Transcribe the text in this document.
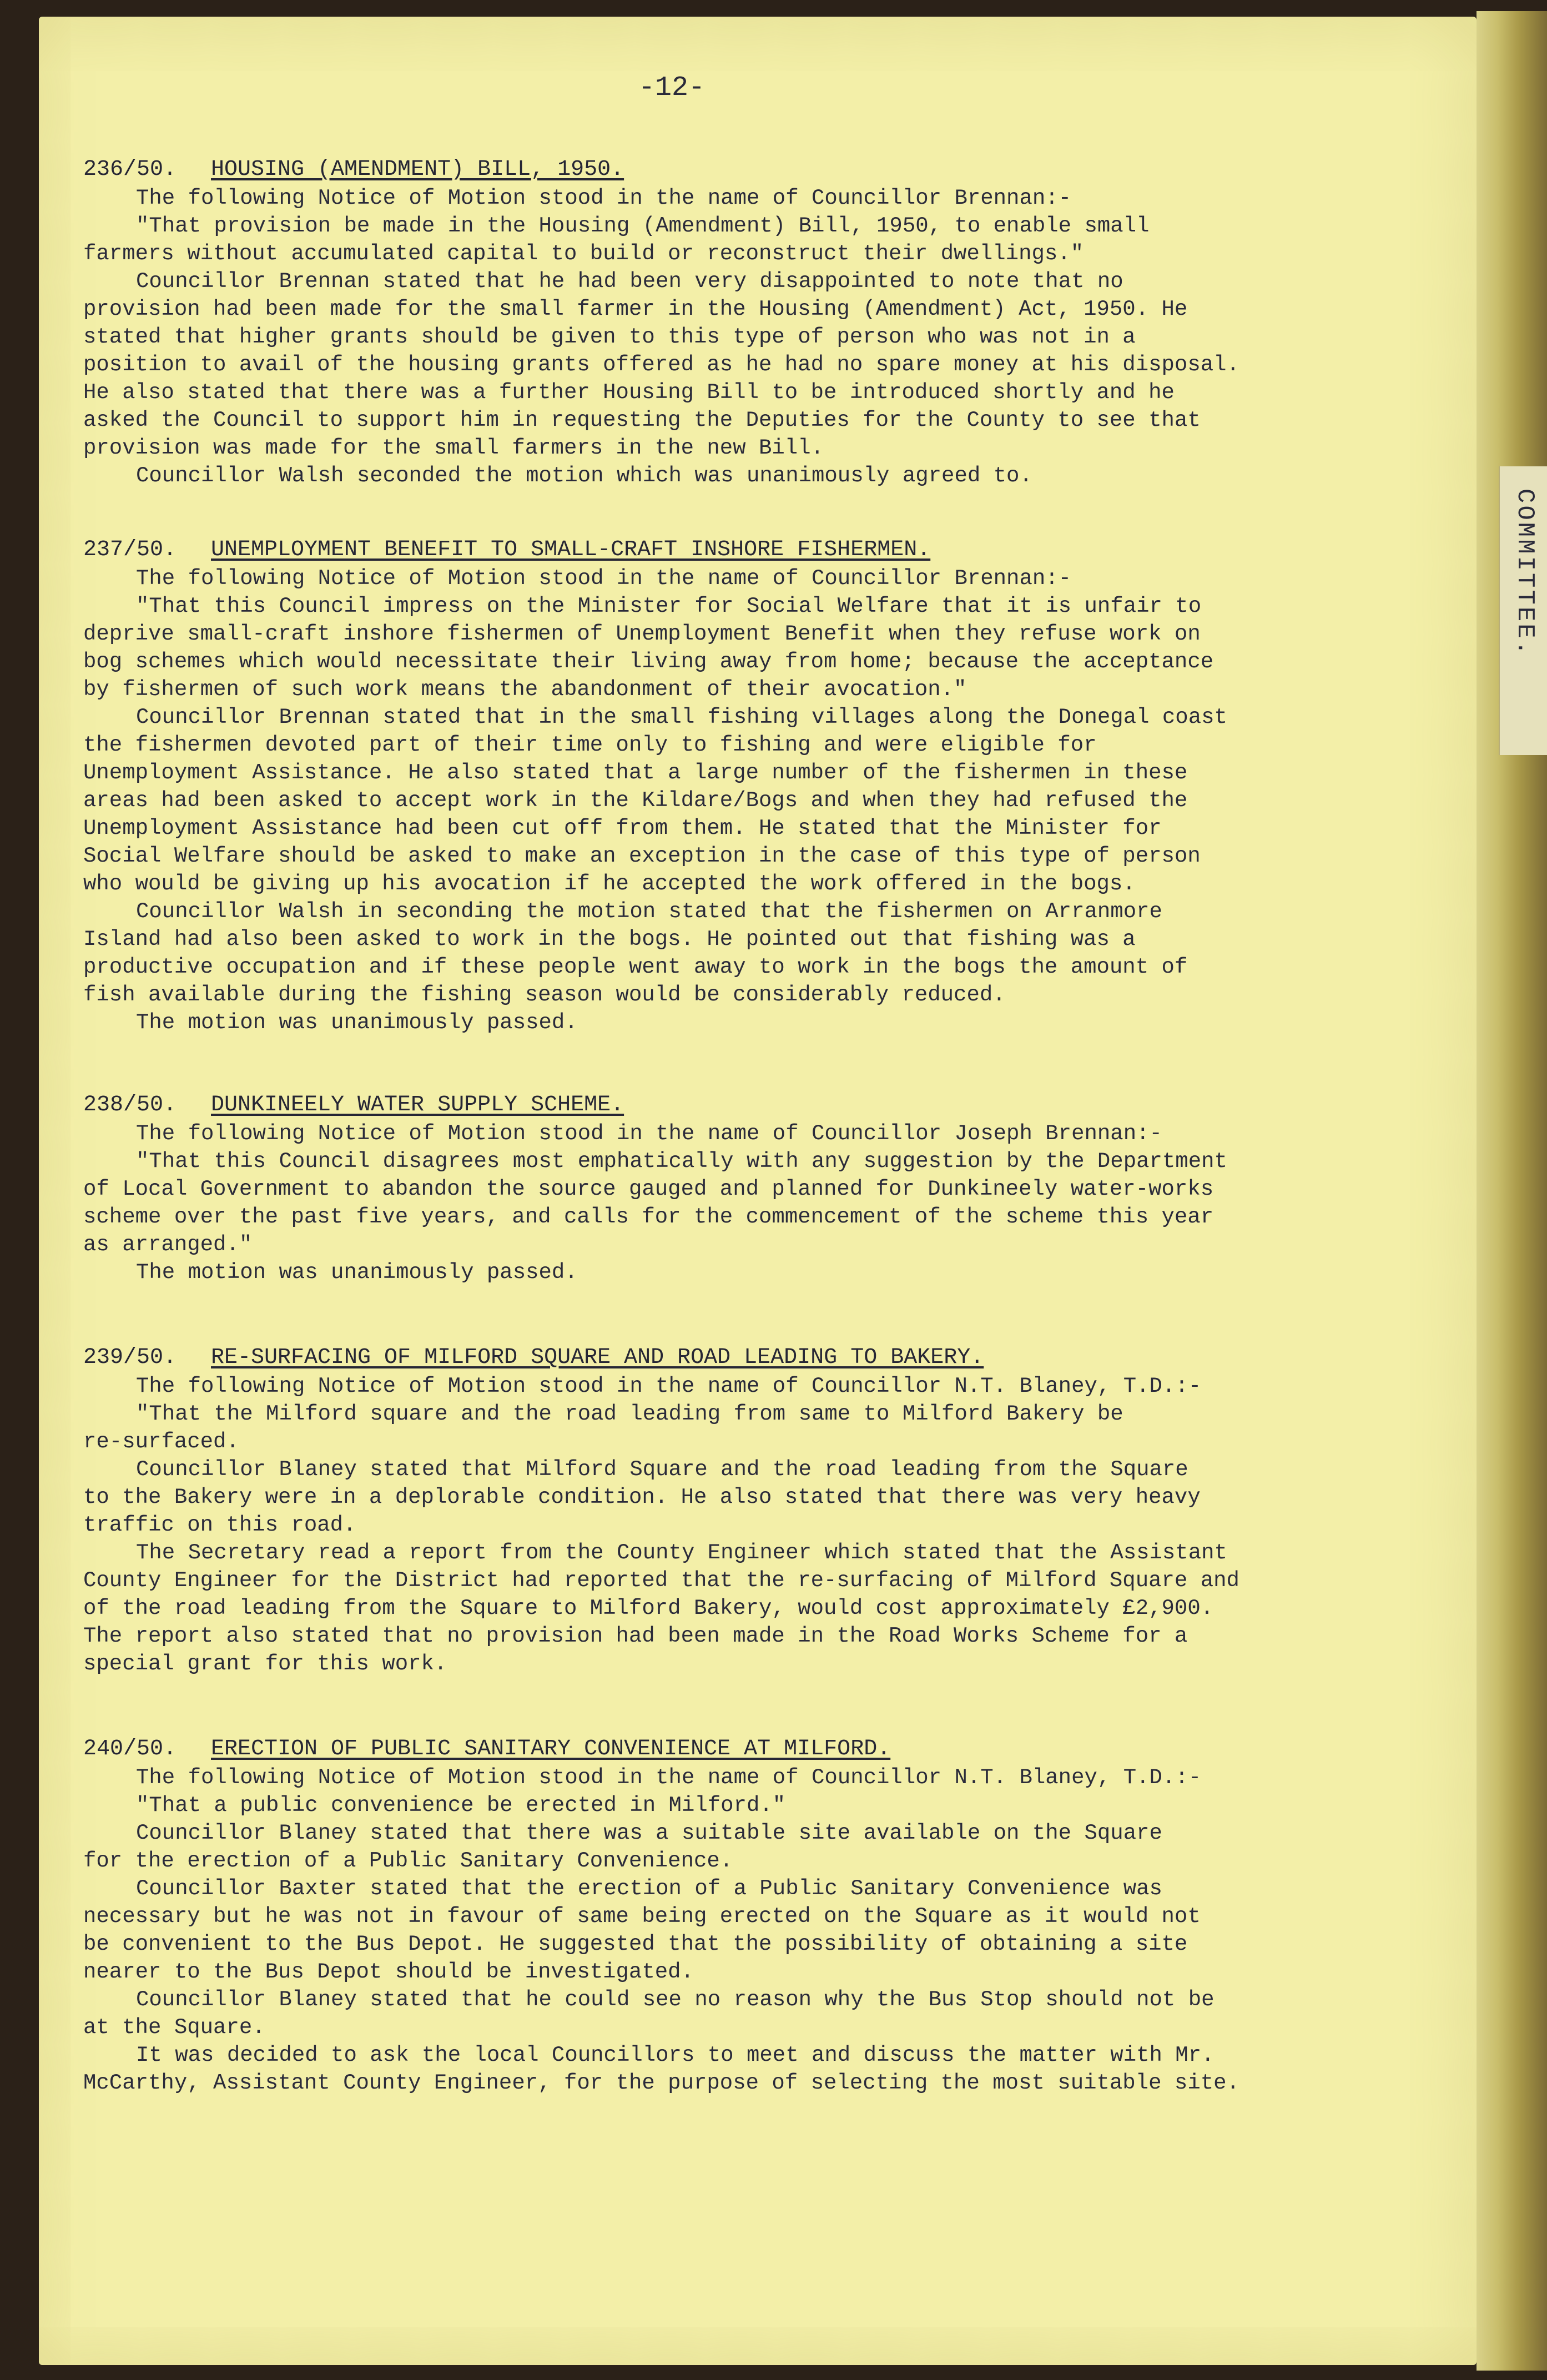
COMMITTEE.
-12-
236/50. HOUSING (AMENDMENT) BILL, 1950.
The following Notice of Motion stood in the name of Councillor Brennan:-
"That provision be made in the Housing (Amendment) Bill, 1950, to enable small
farmers without accumulated capital to build or reconstruct their dwellings."
Councillor Brennan stated that he had been very disappointed to note that no
provision had been made for the small farmer in the Housing (Amendment) Act, 1950. He
stated that higher grants should be given to this type of person who was not in a
position to avail of the housing grants offered as he had no spare money at his disposal.
He also stated that there was a further Housing Bill to be introduced shortly and he
asked the Council to support him in requesting the Deputies for the County to see that
provision was made for the small farmers in the new Bill.
Councillor Walsh seconded the motion which was unanimously agreed to.
237/50. UNEMPLOYMENT BENEFIT TO SMALL-CRAFT INSHORE FISHERMEN.
The following Notice of Motion stood in the name of Councillor Brennan:-
"That this Council impress on the Minister for Social Welfare that it is unfair to
deprive small-craft inshore fishermen of Unemployment Benefit when they refuse work on
bog schemes which would necessitate their living away from home; because the acceptance
by fishermen of such work means the abandonment of their avocation."
Councillor Brennan stated that in the small fishing villages along the Donegal coast
the fishermen devoted part of their time only to fishing and were eligible for
Unemployment Assistance. He also stated that a large number of the fishermen in these
areas had been asked to accept work in the Kildare/Bogs and when they had refused the
Unemployment Assistance had been cut off from them. He stated that the Minister for
Social Welfare should be asked to make an exception in the case of this type of person
who would be giving up his avocation if he accepted the work offered in the bogs.
Councillor Walsh in seconding the motion stated that the fishermen on Arranmore
Island had also been asked to work in the bogs. He pointed out that fishing was a
productive occupation and if these people went away to work in the bogs the amount of
fish available during the fishing season would be considerably reduced.
The motion was unanimously passed.
238/50. DUNKINEELY WATER SUPPLY SCHEME.
The following Notice of Motion stood in the name of Councillor Joseph Brennan:-
"That this Council disagrees most emphatically with any suggestion by the Department
of Local Government to abandon the source gauged and planned for Dunkineely water-works
scheme over the past five years, and calls for the commencement of the scheme this year
as arranged."
The motion was unanimously passed.
239/50. RE-SURFACING OF MILFORD SQUARE AND ROAD LEADING TO BAKERY.
The following Notice of Motion stood in the name of Councillor N.T. Blaney, T.D.:-
"That the Milford square and the road leading from same to Milford Bakery be
re-surfaced.
Councillor Blaney stated that Milford Square and the road leading from the Square
to the Bakery were in a deplorable condition. He also stated that there was very heavy
traffic on this road.
The Secretary read a report from the County Engineer which stated that the Assistant
County Engineer for the District had reported that the re-surfacing of Milford Square and
of the road leading from the Square to Milford Bakery, would cost approximately £2,900.
The report also stated that no provision had been made in the Road Works Scheme for a
special grant for this work.
240/50. ERECTION OF PUBLIC SANITARY CONVENIENCE AT MILFORD.
The following Notice of Motion stood in the name of Councillor N.T. Blaney, T.D.:-
"That a public convenience be erected in Milford."
Councillor Blaney stated that there was a suitable site available on the Square
for the erection of a Public Sanitary Convenience.
Councillor Baxter stated that the erection of a Public Sanitary Convenience was
necessary but he was not in favour of same being erected on the Square as it would not
be convenient to the Bus Depot. He suggested that the possibility of obtaining a site
nearer to the Bus Depot should be investigated.
Councillor Blaney stated that he could see no reason why the Bus Stop should not be
at the Square.
It was decided to ask the local Councillors to meet and discuss the matter with Mr.
McCarthy, Assistant County Engineer, for the purpose of selecting the most suitable site.
